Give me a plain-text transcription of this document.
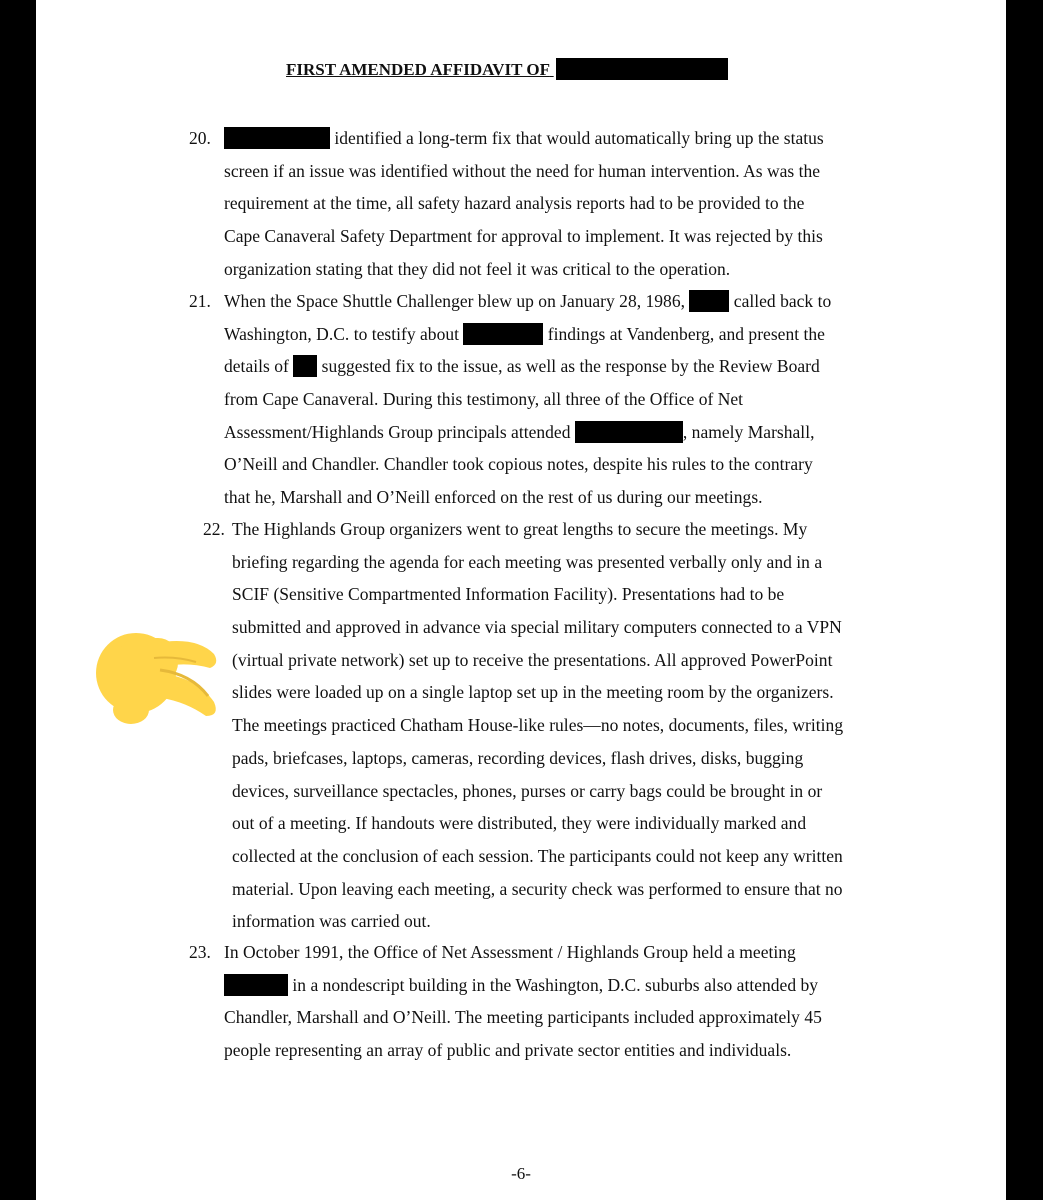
FIRST AMENDED AFFIDAVIT OF
20.	identified a long-term fix that would automatically bring up the status
screen if an issue was identified without the need for human intervention. As was the
requirement at the time, all safety hazard analysis reports had to be provided to the
Cape Canaveral Safety Department for approval to implement. It was rejected by this
organization stating that they did not feel it was critical to the operation.
21. When the Space Shuttle Challenger blew up on January 28, 1986,  called back to
Washington, D.C. to testify about	findings at Vandenberg, and present the
details of  suggested fix to the issue, as well as the response by the Review Board
from Cape Canaveral. During this testimony, all three of the Office of Net
Assessment/Highlands Group principals attended	, namely Marshall,
O’Neill and Chandler. Chandler took copious notes, despite his rules to the contrary
that he, Marshall and O’Neill enforced on the rest of us during our meetings.
22. The Highlands Group organizers went to great lengths to secure the meetings. My
briefing regarding the agenda for each meeting was presented verbally only and in a
SCIF (Sensitive Compartmented Information Facility). Presentations had to be
submitted and approved in advance via special military computers connected to a VPN
(virtual private network) set up to receive the presentations. All approved PowerPoint
slides were loaded up on a single laptop set up in the meeting room by the organizers.
The meetings practiced Chatham House-like rules—no notes, documents, files, writing
pads, briefcases, laptops, cameras, recording devices, flash drives, disks, bugging
devices, surveillance spectacles, phones, purses or carry bags could be brought in or
out of a meeting. If handouts were distributed, they were individually marked and
collected at the conclusion of each session. The participants could not keep any written
material. Upon leaving each meeting, a security check was performed to ensure that no
information was carried out.
23. In October 1991, the Office of Net Assessment / Highlands Group held a meeting
in a nondescript building in the Washington, D.C. suburbs also attended by
Chandler, Marshall and O’Neill. The meeting participants included approximately 45
people representing an array of public and private sector entities and individuals.
-6-
